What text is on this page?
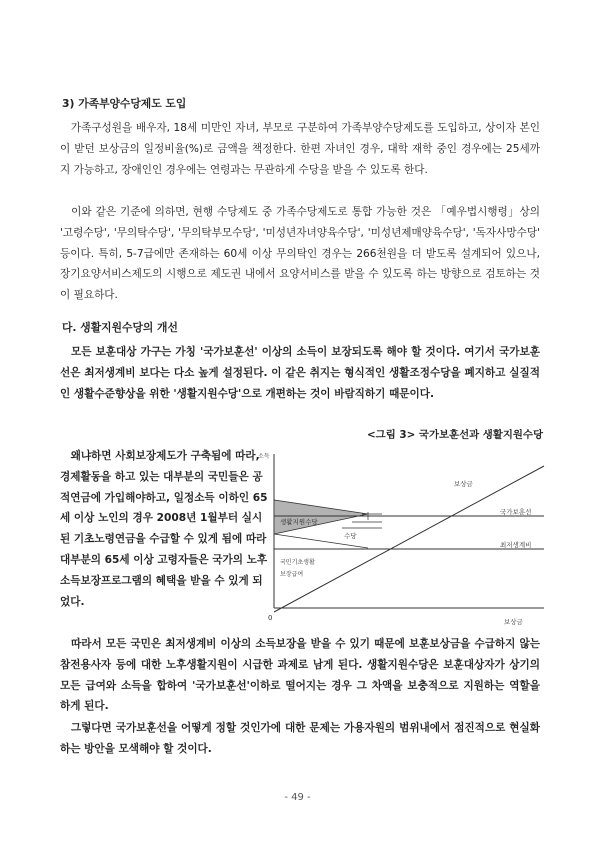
3) 가족부양수당제도 도입

　가족구성원을 배우자, 18세 미만인 자녀, 부모로 구분하여 가족부양수당제도를 도입하고, 상이자 본인이 받던 보상금의 일정비율(%)로 금액을 책정한다. 한편 자녀인 경우, 대학 재학 중인 경우에는 25세까지 가능하고, 장애인인 경우에는 연령과는 무관하게 수당을 받을 수 있도록 한다.

　이와 같은 기준에 의하면, 현행 수당제도 중 가족수당제도로 통합 가능한 것은 「예우법시행령」상의 '고령수당', '무의탁수당', '무의탁부모수당', '미성년자녀양육수당', '미성년제매양육수당', '독자사망수당' 등이다. 특히, 5-7급에만 존재하는 60세 이상 무의탁인 경우는 266천원을 더 받도록 설계되어 있으나, 장기요양서비스제도의 시행으로 제도권 내에서 요양서비스를 받을 수 있도록 하는 방향으로 검토하는 것이 필요하다.

다. 생활지원수당의 개선

　모든 보훈대상 가구는 가칭 '국가보훈선' 이상의 소득이 보장되도록 해야 할 것이다. 여기서 국가보훈선은 최저생계비 보다는 다소 높게 설정된다. 이 같은 취지는 형식적인 생활조정수당을 폐지하고 실질적인 생활수준향상을 위한 '생활지원수당'으로 개편하는 것이 바람직하기 때문이다.

<그림 3> 국가보훈선과 생활지원수당

　왜냐하면 사회보장제도가 구축됨에 따라, 경제활동을 하고 있는 대부분의 국민들은 공적연금에 가입해야하고, 일정소득 이하인 65세 이상 노인의 경우 2008년 1월부터 실시된 기초노령연금을 수급할 수 있게 됨에 따라 대부분의 65세 이상 고령자들은 국가의 노후소득보장프로그램의 혜택을 받을 수 있게 되었다.

소득
0	보상금
보상금
국가보훈선
최저생계비
생활지원수당
수당
국민기초생활
보장급여

　따라서 모든 국민은 최저생계비 이상의 소득보장을 받을 수 있기 때문에 보훈보상금을 수급하지 않는 참전용사자 등에 대한 노후생활지원이 시급한 과제로 남게 된다. 생활지원수당은 보훈대상자가 상기의 모든 급여와 소득을 합하여 '국가보훈선'이하로 떨어지는 경우 그 차액을 보충적으로 지원하는 역할을 하게 된다.

　그렇다면 국가보훈선을 어떻게 정할 것인가에 대한 문제는 가용자원의 범위내에서 점진적으로 현실화하는 방안을 모색해야 할 것이다.

- 49 -
